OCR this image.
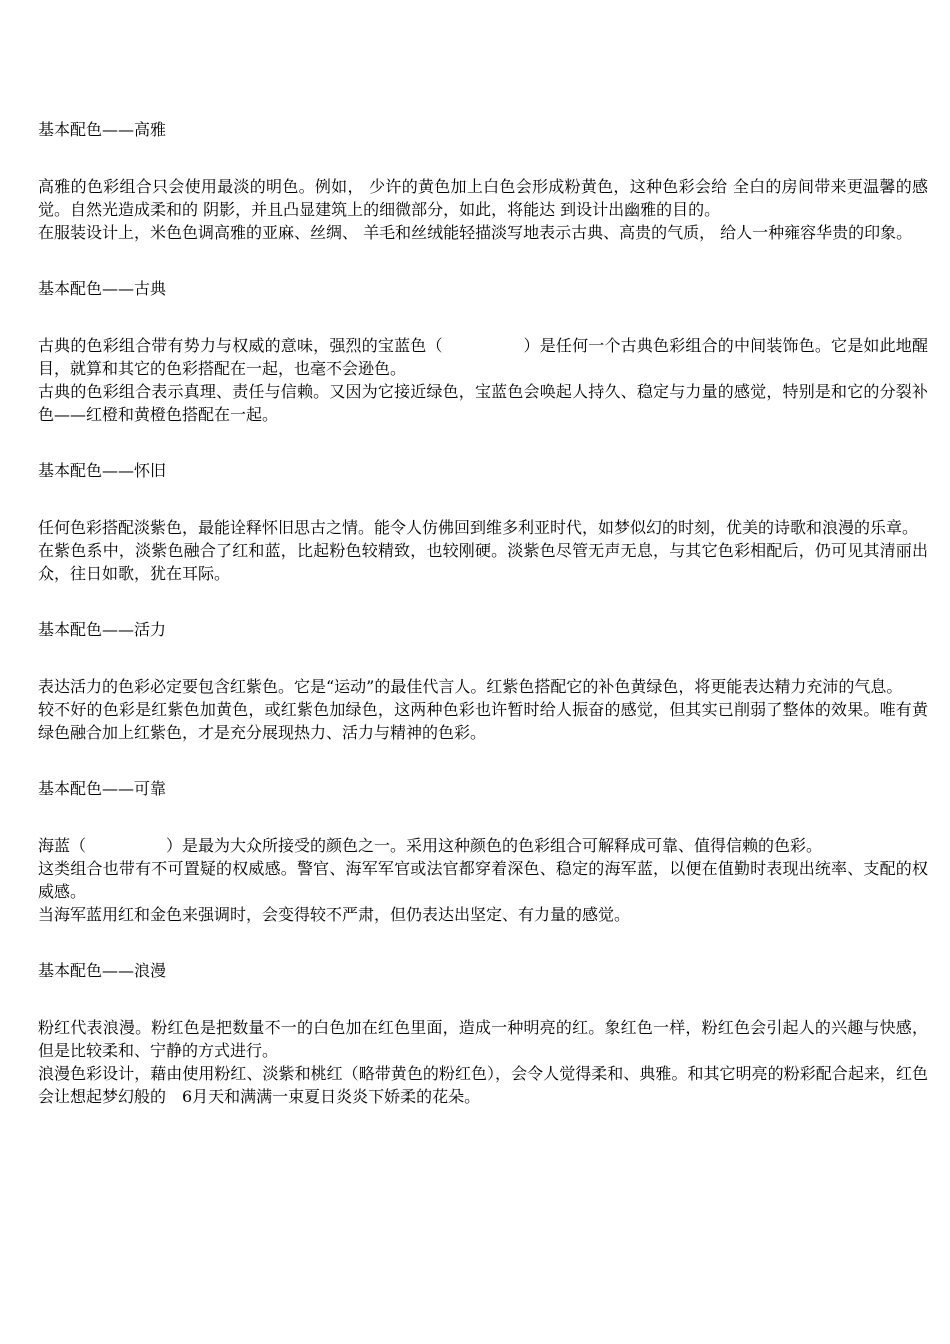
基本配色——高雅

高雅的色彩组合只会使用最淡的明色。例如， 少许的黄色加上白色会形成粉黄色，这种色彩会给 全白的房间带来更温馨的感觉。自然光造成柔和的 阴影，并且凸显建筑上的细微部分，如此，将能达 到设计出幽雅的目的。

在服装设计上，米色色调高雅的亚麻、丝绸、 羊毛和丝绒能轻描淡写地表示古典、高贵的气质， 给人一种雍容华贵的印象。

基本配色——古典

古典的色彩组合带有势力与权威的意味，强烈的宝蓝色（　　　　　）是任何一个古典色彩组合的中间装饰色。它是如此地醒目，就算和其它的色彩搭配在一起，也毫不会逊色。

古典的色彩组合表示真理、责任与信赖。又因为它接近绿色，宝蓝色会唤起人持久、稳定与力量的感觉，特别是和它的分裂补色——红橙和黄橙色搭配在一起。

基本配色——怀旧

任何色彩搭配淡紫色，最能诠释怀旧思古之情。能令人仿佛回到维多利亚时代，如梦似幻的时刻，优美的诗歌和浪漫的乐章。

在紫色系中，淡紫色融合了红和蓝，比起粉色较精致，也较刚硬。淡紫色尽管无声无息，与其它色彩相配后，仍可见其清丽出众，往日如歌，犹在耳际。

基本配色——活力

表达活力的色彩必定要包含红紫色。它是“运动”的最佳代言人。红紫色搭配它的补色黄绿色，将更能表达精力充沛的气息。

较不好的色彩是红紫色加黄色，或红紫色加绿色，这两种色彩也许暂时给人振奋的感觉，但其实已削弱了整体的效果。唯有黄绿色融合加上红紫色，才是充分展现热力、活力与精神的色彩。

基本配色——可靠

海蓝（　　　　　）是最为大众所接受的颜色之一。采用这种颜色的色彩组合可解释成可靠、值得信赖的色彩。

这类组合也带有不可置疑的权威感。警官、海军军官或法官都穿着深色、稳定的海军蓝，以便在值勤时表现出统率、支配的权威感。

当海军蓝用红和金色来强调时，会变得较不严肃，但仍表达出坚定、有力量的感觉。

基本配色——浪漫

粉红代表浪漫。粉红色是把数量不一的白色加在红色里面，造成一种明亮的红。象红色一样，粉红色会引起人的兴趣与快感，但是比较柔和、宁静的方式进行。

浪漫色彩设计，藉由使用粉红、淡紫和桃红（略带黄色的粉红色），会令人觉得柔和、典雅。和其它明亮的粉彩配合起来，红色会让想起梦幻般的　6月天和满满一束夏日炎炎下娇柔的花朵。
